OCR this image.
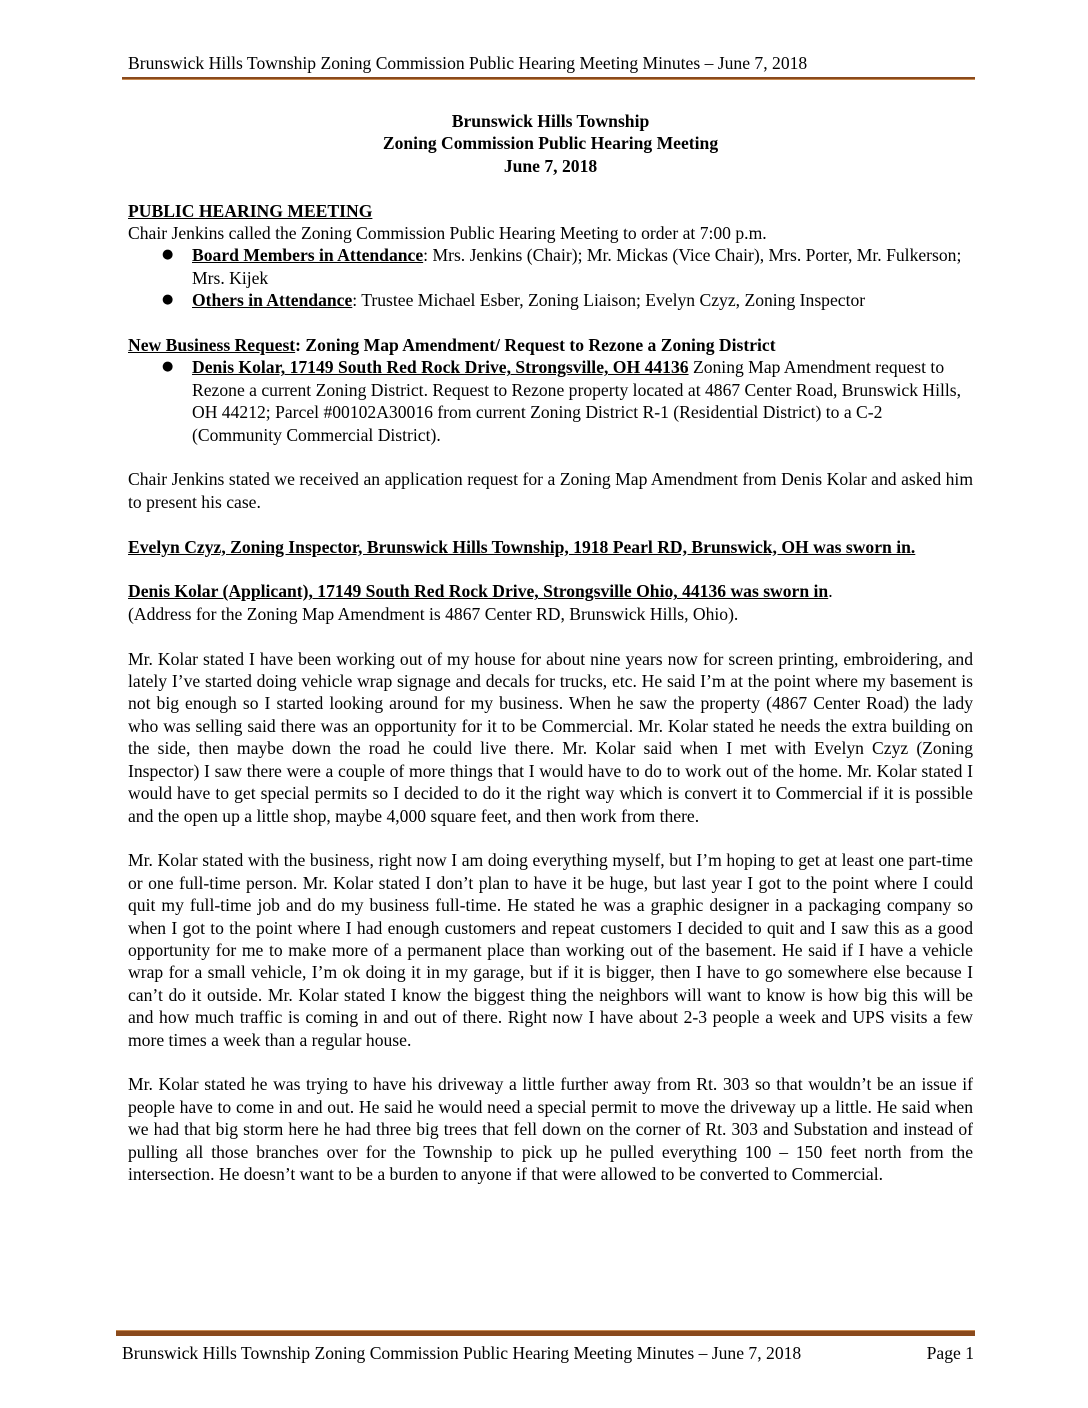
Brunswick Hills Township Zoning Commission Public Hearing Meeting Minutes – June 7, 2018
Brunswick Hills Township
Zoning Commission Public Hearing Meeting
June 7, 2018

PUBLIC HEARING MEETING

Chair Jenkins called the Zoning Commission Public Hearing Meeting to order at 7:00 p.m.

● Board Members in Attendance: Mrs. Jenkins (Chair); Mr. Mickas (Vice Chair), Mrs. Porter, Mr. Fulkerson; Mrs. Kijek
● Others in Attendance: Trustee Michael Esber, Zoning Liaison; Evelyn Czyz, Zoning Inspector

New Business Request: Zoning Map Amendment/ Request to Rezone a Zoning District

● Denis Kolar, 17149 South Red Rock Drive, Strongsville, OH 44136 Zoning Map Amendment request to Rezone a current Zoning District. Request to Rezone property located at 4867 Center Road, Brunswick Hills, OH 44212; Parcel #00102A30016 from current Zoning District R-1 (Residential District) to a C-2 (Community Commercial District).

Chair Jenkins stated we received an application request for a Zoning Map Amendment from Denis Kolar and asked him to present his case.

Evelyn Czyz, Zoning Inspector, Brunswick Hills Township, 1918 Pearl RD, Brunswick, OH was sworn in.

Denis Kolar (Applicant), 17149 South Red Rock Drive, Strongsville Ohio, 44136 was sworn in.

(Address for the Zoning Map Amendment is 4867 Center RD, Brunswick Hills, Ohio).

Mr. Kolar stated I have been working out of my house for about nine years now for screen printing, embroidering, and lately I’ve started doing vehicle wrap signage and decals for trucks, etc. He said I’m at the point where my basement is not big enough so I started looking around for my business. When he saw the property (4867 Center Road) the lady who was selling said there was an opportunity for it to be Commercial. Mr. Kolar stated he needs the extra building on the side, then maybe down the road he could live there. Mr. Kolar said when I met with Evelyn Czyz (Zoning Inspector) I saw there were a couple of more things that I would have to do to work out of the home. Mr. Kolar stated I would have to get special permits so I decided to do it the right way which is convert it to Commercial if it is possible and the open up a little shop, maybe 4,000 square feet, and then work from there.

Mr. Kolar stated with the business, right now I am doing everything myself, but I’m hoping to get at least one part-time or one full-time person. Mr. Kolar stated I don’t plan to have it be huge, but last year I got to the point where I could quit my full-time job and do my business full-time. He stated he was a graphic designer in a packaging company so when I got to the point where I had enough customers and repeat customers I decided to quit and I saw this as a good opportunity for me to make more of a permanent place than working out of the basement. He said if I have a vehicle wrap for a small vehicle, I’m ok doing it in my garage, but if it is bigger, then I have to go somewhere else because I can’t do it outside. Mr. Kolar stated I know the biggest thing the neighbors will want to know is how big this will be and how much traffic is coming in and out of there. Right now I have about 2-3 people a week and UPS visits a few more times a week than a regular house.

Mr. Kolar stated he was trying to have his driveway a little further away from Rt. 303 so that wouldn’t be an issue if people have to come in and out. He said he would need a special permit to move the driveway up a little. He said when we had that big storm here he had three big trees that fell down on the corner of Rt. 303 and Substation and instead of pulling all those branches over for the Township to pick up he pulled everything 100 – 150 feet north from the intersection. He doesn’t want to be a burden to anyone if that were allowed to be converted to Commercial.

Brunswick Hills Township Zoning Commission Public Hearing Meeting Minutes – June 7, 2018	Page 1
